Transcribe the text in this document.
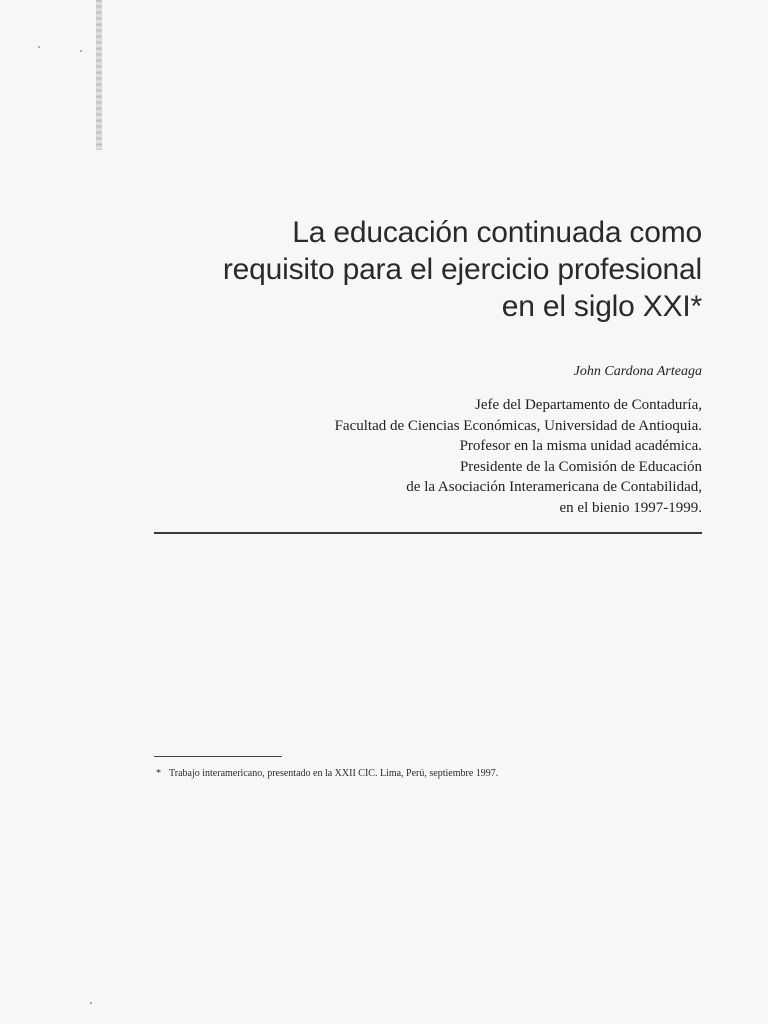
La educación continuada como
requisito para el ejercicio profesional
en el siglo XXI*
John Cardona Arteaga
Jefe del Departamento de Contaduría,
Facultad de Ciencias Económicas, Universidad de Antioquia.
Profesor en la misma unidad académica.
Presidente de la Comisión de Educación
de la Asociación Interamericana de Contabilidad,
en el bienio 1997-1999.
* Trabajo interamericano, presentado en la XXII CIC. Lima, Perú, septiembre 1997.
